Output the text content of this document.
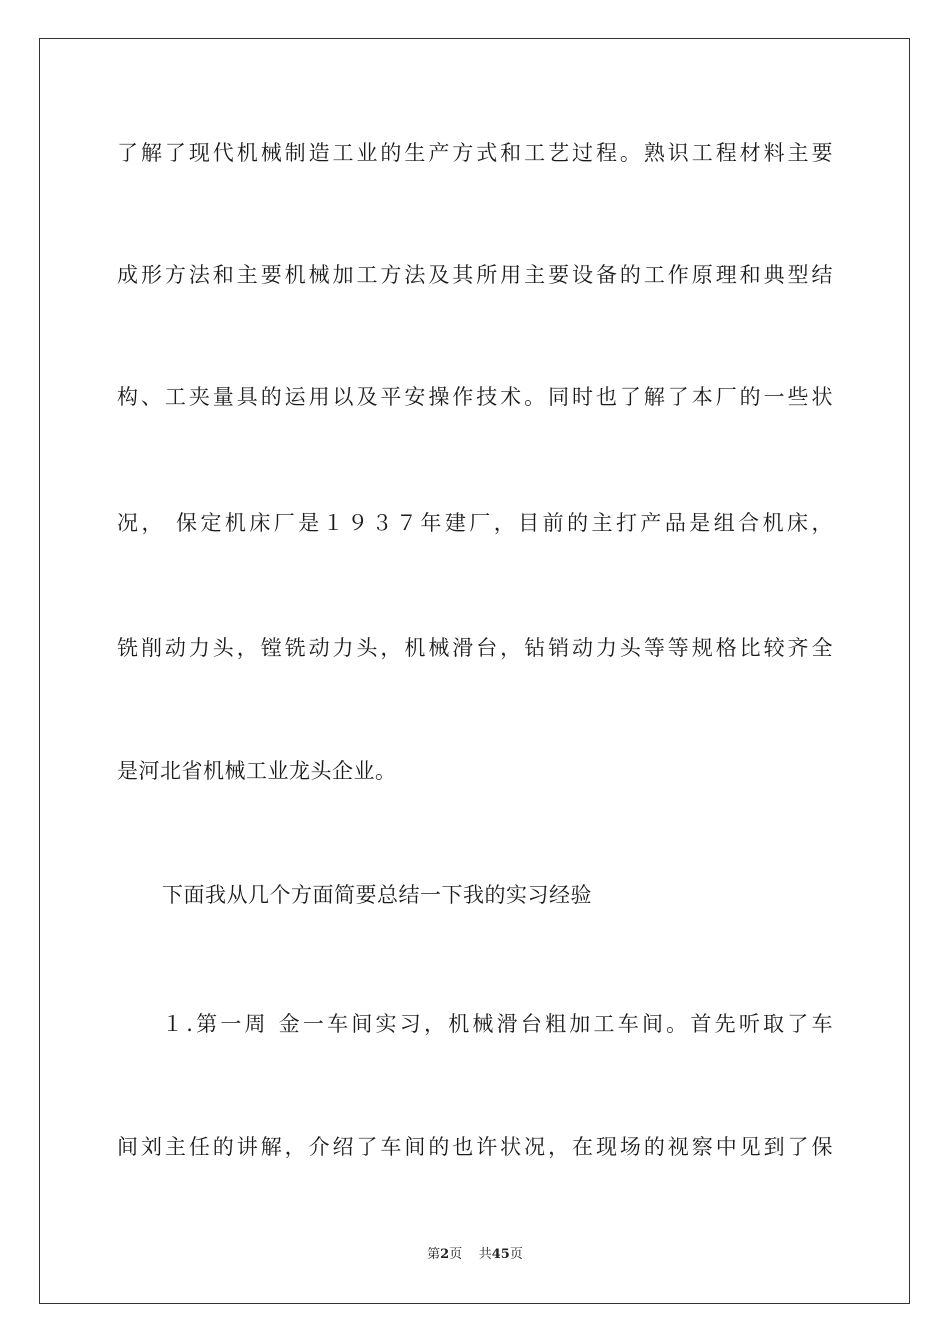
了解了现代机械制造工业的生产方式和工艺过程。熟识工程材料主要
成形方法和主要机械加工方法及其所用主要设备的工作原理和典型结
构、工夹量具的运用以及平安操作技术。同时也了解了本厂的一些状
况， 保定机床厂是１９３７年建厂，目前的主打产品是组合机床，
铣削动力头，镗铣动力头，机械滑台，钻销动力头等等规格比较齐全
是河北省机械工业龙头企业。
下面我从几个方面简要总结一下我的实习经验
１.第一周 金一车间实习，机械滑台粗加工车间。首先听取了车
间刘主任的讲解，介绍了车间的也许状况，在现场的视察中见到了保
第2页 共45页
